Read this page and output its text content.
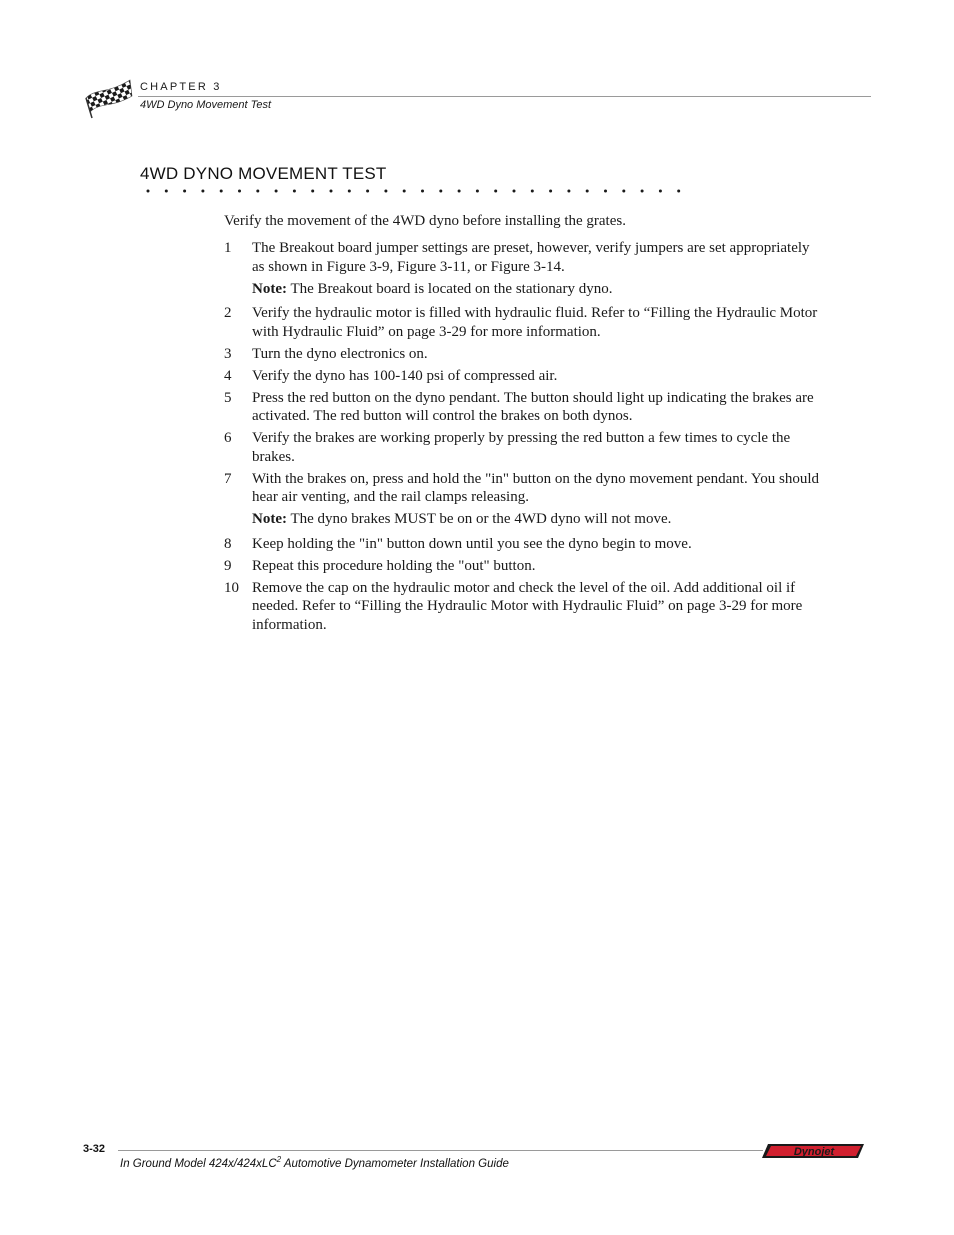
CHAPTER 3
4WD Dyno Movement Test
4WD DYNO MOVEMENT TEST
Verify the movement of the 4WD dyno before installing the grates.
1	The Breakout board jumper settings are preset, however, verify jumpers are set appropriately as shown in Figure 3-9, Figure 3-11, or Figure 3-14.
Note: The Breakout board is located on the stationary dyno.
2	Verify the hydraulic motor is filled with hydraulic fluid. Refer to “Filling the Hydraulic Motor with Hydraulic Fluid” on page 3-29 for more information.
3	Turn the dyno electronics on.
4	Verify the dyno has 100-140 psi of compressed air.
5	Press the red button on the dyno pendant. The button should light up indicating the brakes are activated. The red button will control the brakes on both dynos.
6	Verify the brakes are working properly by pressing the red button a few times to cycle the brakes.
7	With the brakes on, press and hold the "in" button on the dyno movement pendant. You should hear air venting, and the rail clamps releasing.
Note: The dyno brakes MUST be on or the 4WD dyno will not move.
8	Keep holding the "in" button down until you see the dyno begin to move.
9	Repeat this procedure holding the "out" button.
10 Remove the cap on the hydraulic motor and check the level of the oil. Add additional oil if needed. Refer to “Filling the Hydraulic Motor with Hydraulic Fluid” on page 3-29 for more information.
3-32
In Ground Model 424x/424xLC$^2$ Automotive Dynamometer Installation Guide
Dynojet
